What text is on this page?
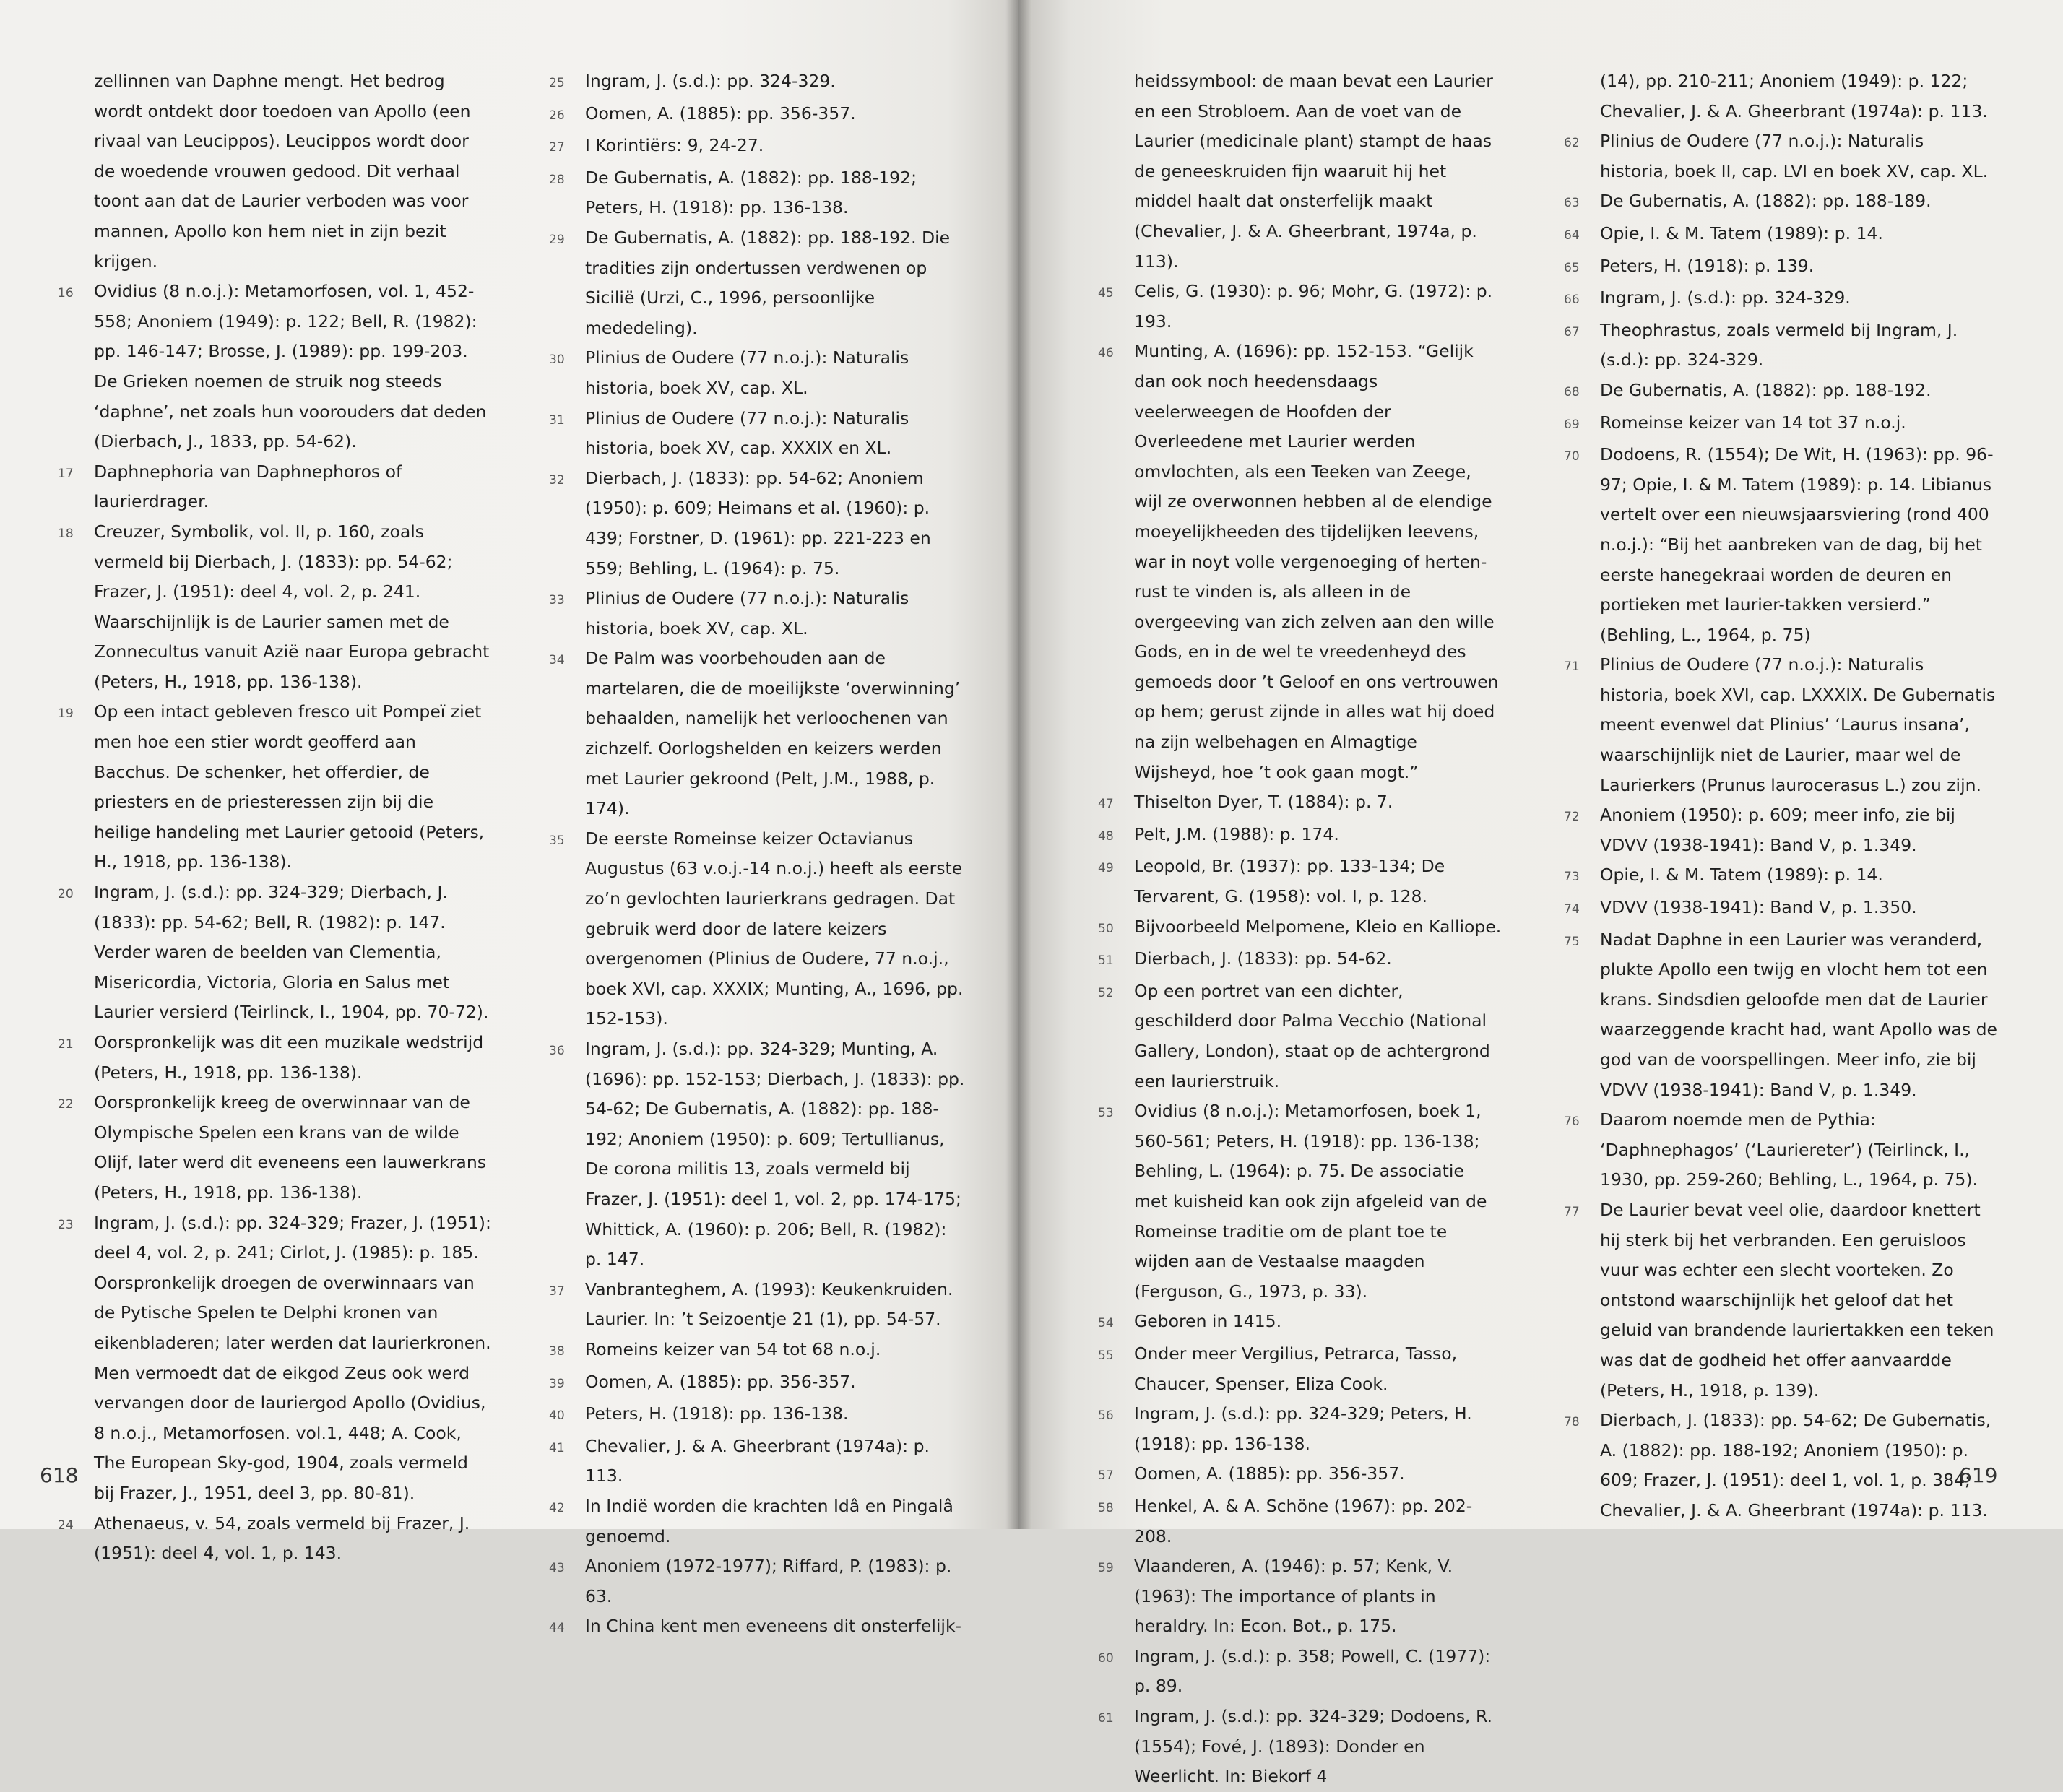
zellinnen van Daphne mengt. Het bedrog wordt ontdekt door toedoen van Apollo (een rivaal van Leucippos). Leucippos wordt door de woedende vrouwen gedood. Dit verhaal toont aan dat de Laurier verboden was voor mannen, Apollo kon hem niet in zijn bezit krijgen.
16	Ovidius (8 n.o.j.): Metamorfosen, vol. 1, 452-558; Anoniem (1949): p. 122; Bell, R. (1982): pp. 146-147; Brosse, J. (1989): pp. 199-203. De Grieken noemen de struik nog steeds ‘daphne’, net zoals hun voorouders dat deden (Dierbach, J., 1833, pp. 54-62).
17	Daphnephoria van Daphnephoros of laurierdrager.
18	Creuzer, Symbolik, vol. II, p. 160, zoals vermeld bij Dierbach, J. (1833): pp. 54-62; Frazer, J. (1951): deel 4, vol. 2, p. 241. Waarschijnlijk is de Laurier samen met de Zonnecultus vanuit Azië naar Europa gebracht (Peters, H., 1918, pp. 136-138).
19	Op een intact gebleven fresco uit Pompeï ziet men hoe een stier wordt geofferd aan Bacchus. De schenker, het offerdier, de priesters en de priesteressen zijn bij die heilige handeling met Laurier getooid (Peters, H., 1918, pp. 136-138).
20	Ingram, J. (s.d.): pp. 324-329; Dierbach, J. (1833): pp. 54-62; Bell, R. (1982): p. 147. Verder waren de beelden van Clementia, Misericordia, Victoria, Gloria en Salus met Laurier versierd (Teirlinck, I., 1904, pp. 70-72).
21	Oorspronkelijk was dit een muzikale wedstrijd (Peters, H., 1918, pp. 136-138).
22	Oorspronkelijk kreeg de overwinnaar van de Olympische Spelen een krans van de wilde Olijf, later werd dit eveneens een lauwerkrans (Peters, H., 1918, pp. 136-138).
23	Ingram, J. (s.d.): pp. 324-329; Frazer, J. (1951): deel 4, vol. 2, p. 241; Cirlot, J. (1985): p. 185. Oorspronkelijk droegen de overwinnaars van de Pytische Spelen te Delphi kronen van eikenbladeren; later werden dat laurierkronen. Men vermoedt dat de eikgod Zeus ook werd vervangen door de lauriergod Apollo (Ovidius, 8 n.o.j., Metamorfosen. vol.1, 448; A. Cook, The European Sky-god, 1904, zoals vermeld bij Frazer, J., 1951, deel 3, pp. 80-81).
24	Athenaeus, v. 54, zoals vermeld bij Frazer, J. (1951): deel 4, vol. 1, p. 143.
25	Ingram, J. (s.d.): pp. 324-329.
26	Oomen, A. (1885): pp. 356-357.
27	I Korintiërs: 9, 24-27.
28	De Gubernatis, A. (1882): pp. 188-192; Peters, H. (1918): pp. 136-138.
29	De Gubernatis, A. (1882): pp. 188-192. Die tradities zijn ondertussen verdwenen op Sicilië (Urzi, C., 1996, persoonlijke mededeling).
30	Plinius de Oudere (77 n.o.j.): Naturalis historia, boek XV, cap. XL.
31	Plinius de Oudere (77 n.o.j.): Naturalis historia, boek XV, cap. XXXIX en XL.
32	Dierbach, J. (1833): pp. 54-62; Anoniem (1950): p. 609; Heimans et al. (1960): p. 439; Forstner, D. (1961): pp. 221-223 en 559; Behling, L. (1964): p. 75.
33	Plinius de Oudere (77 n.o.j.): Naturalis historia, boek XV, cap. XL.
34	De Palm was voorbehouden aan de martelaren, die de moeilijkste ‘overwinning’ behaalden, namelijk het verloochenen van zichzelf. Oorlogshelden en keizers werden met Laurier gekroond (Pelt, J.M., 1988, p. 174).
35	De eerste Romeinse keizer Octavianus Augustus (63 v.o.j.-14 n.o.j.) heeft als eerste zo’n gevlochten laurierkrans gedragen. Dat gebruik werd door de latere keizers overgenomen (Plinius de Oudere, 77 n.o.j., boek XVI, cap. XXXIX; Munting, A., 1696, pp. 152-153).
36	Ingram, J. (s.d.): pp. 324-329; Munting, A. (1696): pp. 152-153; Dierbach, J. (1833): pp. 54-62; De Gubernatis, A. (1882): pp. 188-192; Anoniem (1950): p. 609; Tertullianus, De corona militis 13, zoals vermeld bij Frazer, J. (1951): deel 1, vol. 2, pp. 174-175; Whittick, A. (1960): p. 206; Bell, R. (1982): p. 147.
37	Vanbranteghem, A. (1993): Keukenkruiden. Laurier. In: ’t Seizoentje 21 (1), pp. 54-57.
38	Romeins keizer van 54 tot 68 n.o.j.
39	Oomen, A. (1885): pp. 356-357.
40	Peters, H. (1918): pp. 136-138.
41	Chevalier, J. & A. Gheerbrant (1974a): p. 113.
42	In Indië worden die krachten Idâ en Pingalâ genoemd.
43	Anoniem (1972-1977); Riffard, P. (1983): p. 63.
44	In China kent men eveneens dit onsterfelijk-
618
heidssymbool: de maan bevat een Laurier en een Strobloem. Aan de voet van de Laurier (medicinale plant) stampt de haas de geneeskruiden fijn waaruit hij het middel haalt dat onsterfelijk maakt (Chevalier, J. & A. Gheerbrant, 1974a, p. 113).
45	Celis, G. (1930): p. 96; Mohr, G. (1972): p. 193.
46	Munting, A. (1696): pp. 152-153. “Gelijk dan ook noch heedensdaags veelerweegen de Hoofden der Overleedene met Laurier werden omvlochten, als een Teeken van Zeege, wijl ze overwonnen hebben al de elendige moeyelijkheeden des tijdelijken leevens, war in noyt volle vergenoeging of herten-rust te vinden is, als alleen in de overgeeving van zich zelven aan den wille Gods, en in de wel te vreedenheyd des gemoeds door ’t Geloof en ons vertrouwen op hem; gerust zijnde in alles wat hij doed na zijn welbehagen en Almagtige Wijsheyd, hoe ’t ook gaan mogt.”
47	Thiselton Dyer, T. (1884): p. 7.
48	Pelt, J.M. (1988): p. 174.
49	Leopold, Br. (1937): pp. 133-134; De Tervarent, G. (1958): vol. I, p. 128.
50	Bijvoorbeeld Melpomene, Kleio en Kalliope.
51	Dierbach, J. (1833): pp. 54-62.
52	Op een portret van een dichter, geschilderd door Palma Vecchio (National Gallery, London), staat op de achtergrond een laurierstruik.
53	Ovidius (8 n.o.j.): Metamorfosen, boek 1, 560-561; Peters, H. (1918): pp. 136-138; Behling, L. (1964): p. 75. De associatie met kuisheid kan ook zijn afgeleid van de Romeinse traditie om de plant toe te wijden aan de Vestaalse maagden (Ferguson, G., 1973, p. 33).
54	Geboren in 1415.
55	Onder meer Vergilius, Petrarca, Tasso, Chaucer, Spenser, Eliza Cook.
56	Ingram, J. (s.d.): pp. 324-329; Peters, H. (1918): pp. 136-138.
57	Oomen, A. (1885): pp. 356-357.
58	Henkel, A. & A. Schöne (1967): pp. 202-208.
59	Vlaanderen, A. (1946): p. 57; Kenk, V. (1963): The importance of plants in heraldry. In: Econ. Bot., p. 175.
60	Ingram, J. (s.d.): p. 358; Powell, C. (1977): p. 89.
61	Ingram, J. (s.d.): pp. 324-329; Dodoens, R. (1554); Fové, J. (1893): Donder en Weerlicht. In: Biekorf 4
(14), pp. 210-211; Anoniem (1949): p. 122; Chevalier, J. & A. Gheerbrant (1974a): p. 113.
62	Plinius de Oudere (77 n.o.j.): Naturalis historia, boek II, cap. LVI en boek XV, cap. XL.
63	De Gubernatis, A. (1882): pp. 188-189.
64	Opie, I. & M. Tatem (1989): p. 14.
65	Peters, H. (1918): p. 139.
66	Ingram, J. (s.d.): pp. 324-329.
67	Theophrastus, zoals vermeld bij Ingram, J. (s.d.): pp. 324-329.
68	De Gubernatis, A. (1882): pp. 188-192.
69	Romeinse keizer van 14 tot 37 n.o.j.
70	Dodoens, R. (1554); De Wit, H. (1963): pp. 96-97; Opie, I. & M. Tatem (1989): p. 14. Libianus vertelt over een nieuwsjaarsviering (rond 400 n.o.j.): “Bij het aanbreken van de dag, bij het eerste hanegekraai worden de deuren en portieken met laurier-takken versierd.” (Behling, L., 1964, p. 75)
71	Plinius de Oudere (77 n.o.j.): Naturalis historia, boek XVI, cap. LXXXIX. De Gubernatis meent evenwel dat Plinius’ ‘Laurus insana’, waarschijnlijk niet de Laurier, maar wel de Laurierkers (Prunus laurocerasus L.) zou zijn.
72	Anoniem (1950): p. 609; meer info, zie bij VDVV (1938-1941): Band V, p. 1.349.
73	Opie, I. & M. Tatem (1989): p. 14.
74	VDVV (1938-1941): Band V, p. 1.350.
75	Nadat Daphne in een Laurier was veranderd, plukte Apollo een twijg en vlocht hem tot een krans. Sindsdien geloofde men dat de Laurier waarzeggende kracht had, want Apollo was de god van de voorspellingen. Meer info, zie bij VDVV (1938-1941): Band V, p. 1.349.
76	Daarom noemde men de Pythia: ‘Daphnephagos’ (‘Lauriereter’) (Teirlinck, I., 1930, pp. 259-260; Behling, L., 1964, p. 75).
77	De Laurier bevat veel olie, daardoor knettert hij sterk bij het verbranden. Een geruisloos vuur was echter een slecht voorteken. Zo ontstond waarschijnlijk het geloof dat het geluid van brandende lauriertakken een teken was dat de godheid het offer aanvaardde (Peters, H., 1918, p. 139).
78	Dierbach, J. (1833): pp. 54-62; De Gubernatis, A. (1882): pp. 188-192; Anoniem (1950): p. 609; Frazer, J. (1951): deel 1, vol. 1, p. 384; Chevalier, J. & A. Gheerbrant (1974a): p. 113.
619
